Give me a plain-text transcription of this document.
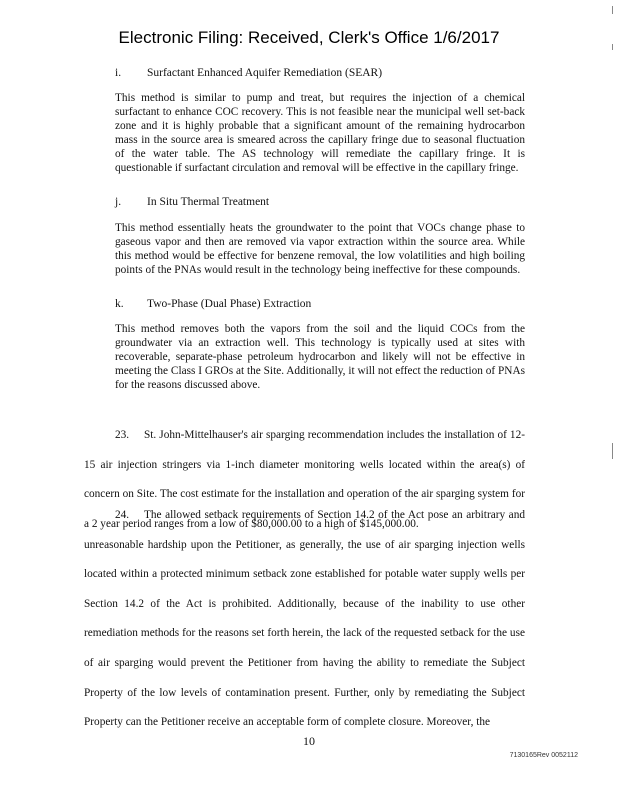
Electronic Filing: Received, Clerk's Office 1/6/2017
i. Surfactant Enhanced Aquifer Remediation (SEAR)
This method is similar to pump and treat, but requires the injection of a chemical surfactant to enhance COC recovery. This is not feasible near the municipal well set-back zone and it is highly probable that a significant amount of the remaining hydrocarbon mass in the source area is smeared across the capillary fringe due to seasonal fluctuation of the water table. The AS technology will remediate the capillary fringe. It is questionable if surfactant circulation and removal will be effective in the capillary fringe.
j. In Situ Thermal Treatment
This method essentially heats the groundwater to the point that VOCs change phase to gaseous vapor and then are removed via vapor extraction within the source area. While this method would be effective for benzene removal, the low volatilities and high boiling points of the PNAs would result in the technology being ineffective for these compounds.
k. Two-Phase (Dual Phase) Extraction
This method removes both the vapors from the soil and the liquid COCs from the groundwater via an extraction well. This technology is typically used at sites with recoverable, separate-phase petroleum hydrocarbon and likely will not be effective in meeting the Class I GROs at the Site. Additionally, it will not effect the reduction of PNAs for the reasons discussed above.
23. St. John-Mittelhauser's air sparging recommendation includes the installation of 12-15 air injection stringers via 1-inch diameter monitoring wells located within the area(s) of concern on Site. The cost estimate for the installation and operation of the air sparging system for a 2 year period ranges from a low of $80,000.00 to a high of $145,000.00.
24. The allowed setback requirements of Section 14.2 of the Act pose an arbitrary and unreasonable hardship upon the Petitioner, as generally, the use of air sparging injection wells located within a protected minimum setback zone established for potable water supply wells per Section 14.2 of the Act is prohibited. Additionally, because of the inability to use other remediation methods for the reasons set forth herein, the lack of the requested setback for the use of air sparging would prevent the Petitioner from having the ability to remediate the Subject Property of the low levels of contamination present. Further, only by remediating the Subject Property can the Petitioner receive an acceptable form of complete closure. Moreover, the
10
7130165Rev 0052112
